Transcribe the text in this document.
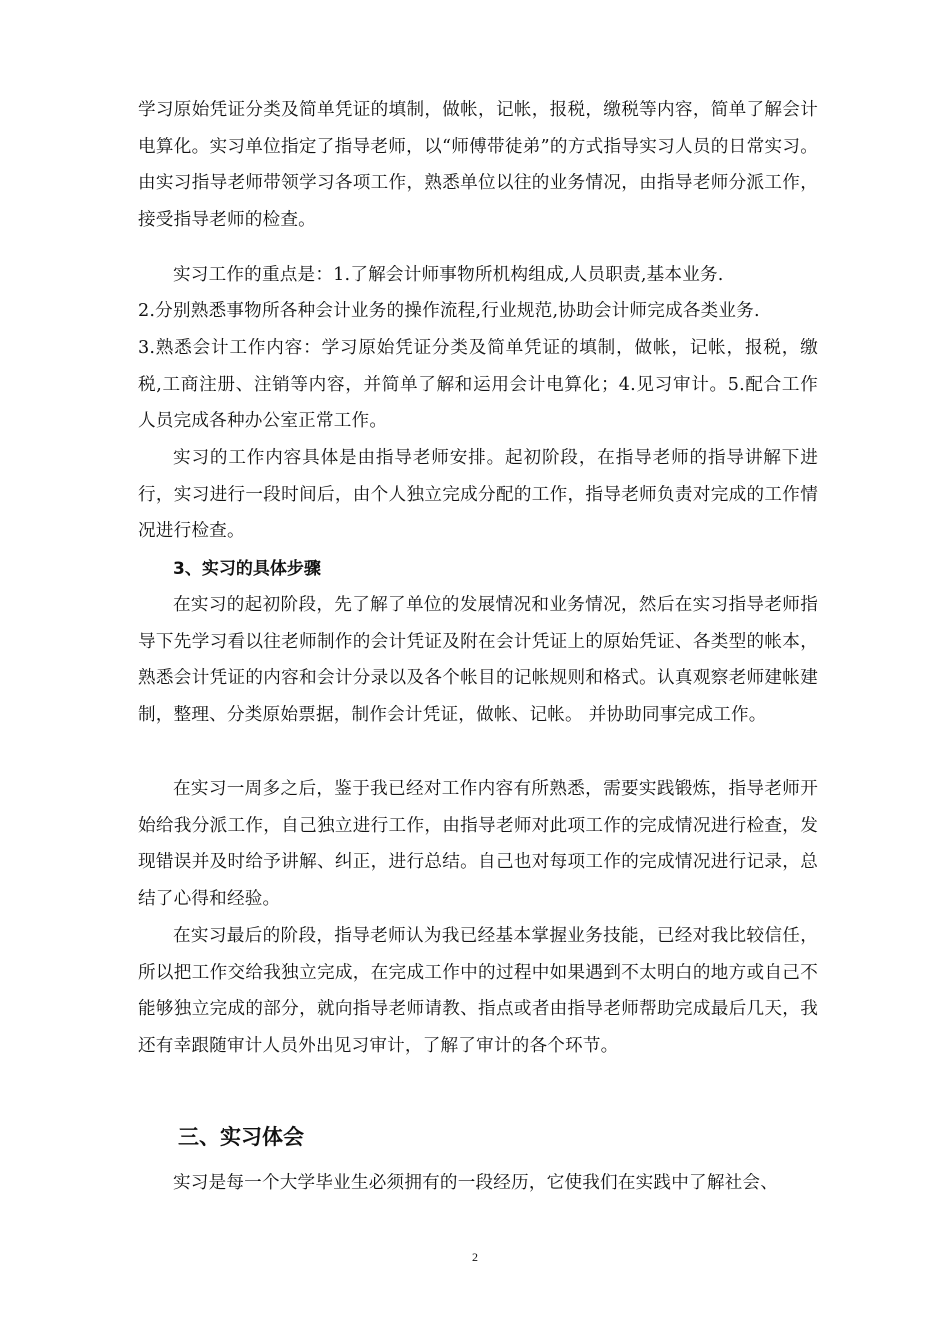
学习原始凭证分类及简单凭证的填制，做帐，记帐，报税，缴税等内容，简单了解会计电算化。实习单位指定了指导老师，以“师傅带徒弟”的方式指导实习人员的日常实习。由实习指导老师带领学习各项工作，熟悉单位以往的业务情况，由指导老师分派工作，接受指导老师的检查。

实习工作的重点是：1.了解会计师事物所机构组成,人员职责,基本业务.

2.分别熟悉事物所各种会计业务的操作流程,行业规范,协助会计师完成各类业务.

3.熟悉会计工作内容：学习原始凭证分类及简单凭证的填制，做帐，记帐，报税，缴税,工商注册、注销等内容，并简单了解和运用会计电算化；4.见习审计。5.配合工作人员完成各种办公室正常工作。

实习的工作内容具体是由指导老师安排。起初阶段，在指导老师的指导讲解下进行，实习进行一段时间后，由个人独立完成分配的工作，指导老师负责对完成的工作情况进行检查。

3、实习的具体步骤

在实习的起初阶段，先了解了单位的发展情况和业务情况，然后在实习指导老师指导下先学习看以往老师制作的会计凭证及附在会计凭证上的原始凭证、各类型的帐本，熟悉会计凭证的内容和会计分录以及各个帐目的记帐规则和格式。认真观察老师建帐建制，整理、分类原始票据，制作会计凭证，做帐、记帐。 并协助同事完成工作。

在实习一周多之后，鉴于我已经对工作内容有所熟悉，需要实践锻炼，指导老师开始给我分派工作，自己独立进行工作，由指导老师对此项工作的完成情况进行检查，发现错误并及时给予讲解、纠正，进行总结。自己也对每项工作的完成情况进行记录，总结了心得和经验。

在实习最后的阶段，指导老师认为我已经基本掌握业务技能，已经对我比较信任，所以把工作交给我独立完成，在完成工作中的过程中如果遇到不太明白的地方或自己不能够独立完成的部分，就向指导老师请教、指点或者由指导老师帮助完成最后几天，我还有幸跟随审计人员外出见习审计，了解了审计的各个环节。

三、实习体会

实习是每一个大学毕业生必须拥有的一段经历，它使我们在实践中了解社会、

2
